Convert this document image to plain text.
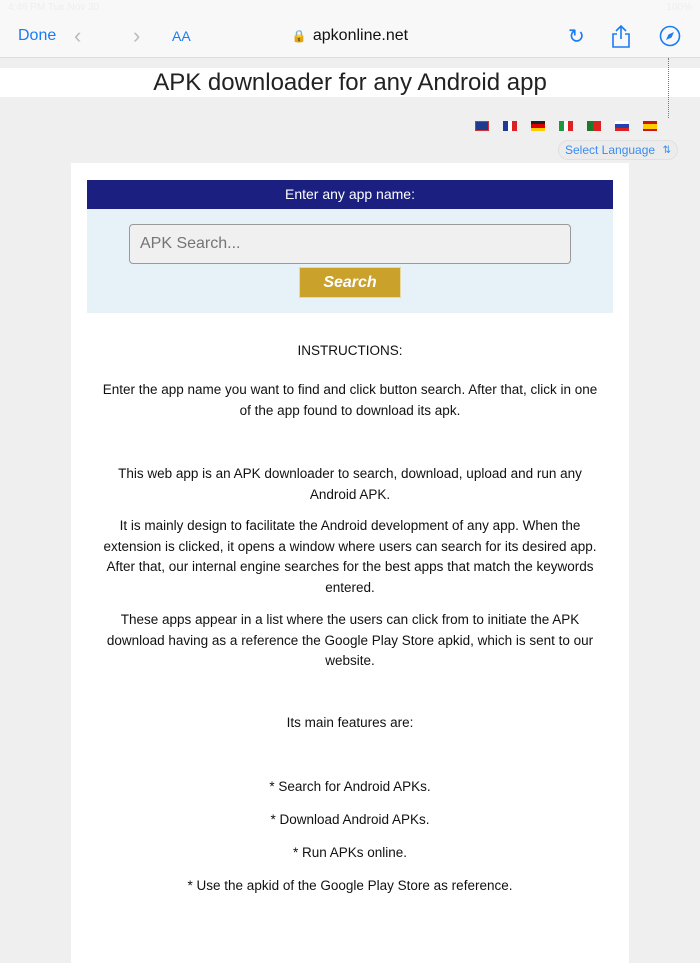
4:46 PM Tue Nov 30	100%
Done ‹ › AA	🔒 apkonline.net	↻
APK downloader for any Android app
Select Language ⇅
Enter any app name:
APK Search...
Search
INSTRUCTIONS:
Enter the app name you want to find and click button search. After that, click in one of the app found to download its apk.
This web app is an APK downloader to search, download, upload and run any Android APK.
It is mainly design to facilitate the Android development of any app. When the extension is clicked, it opens a window where users can search for its desired app. After that, our internal engine searches for the best apps that match the keywords entered.
These apps appear in a list where the users can click from to initiate the APK download having as a reference the Google Play Store apkid, which is sent to our website.
Its main features are:
* Search for Android APKs.
* Download Android APKs.
* Run APKs online.
* Use the apkid of the Google Play Store as reference.
